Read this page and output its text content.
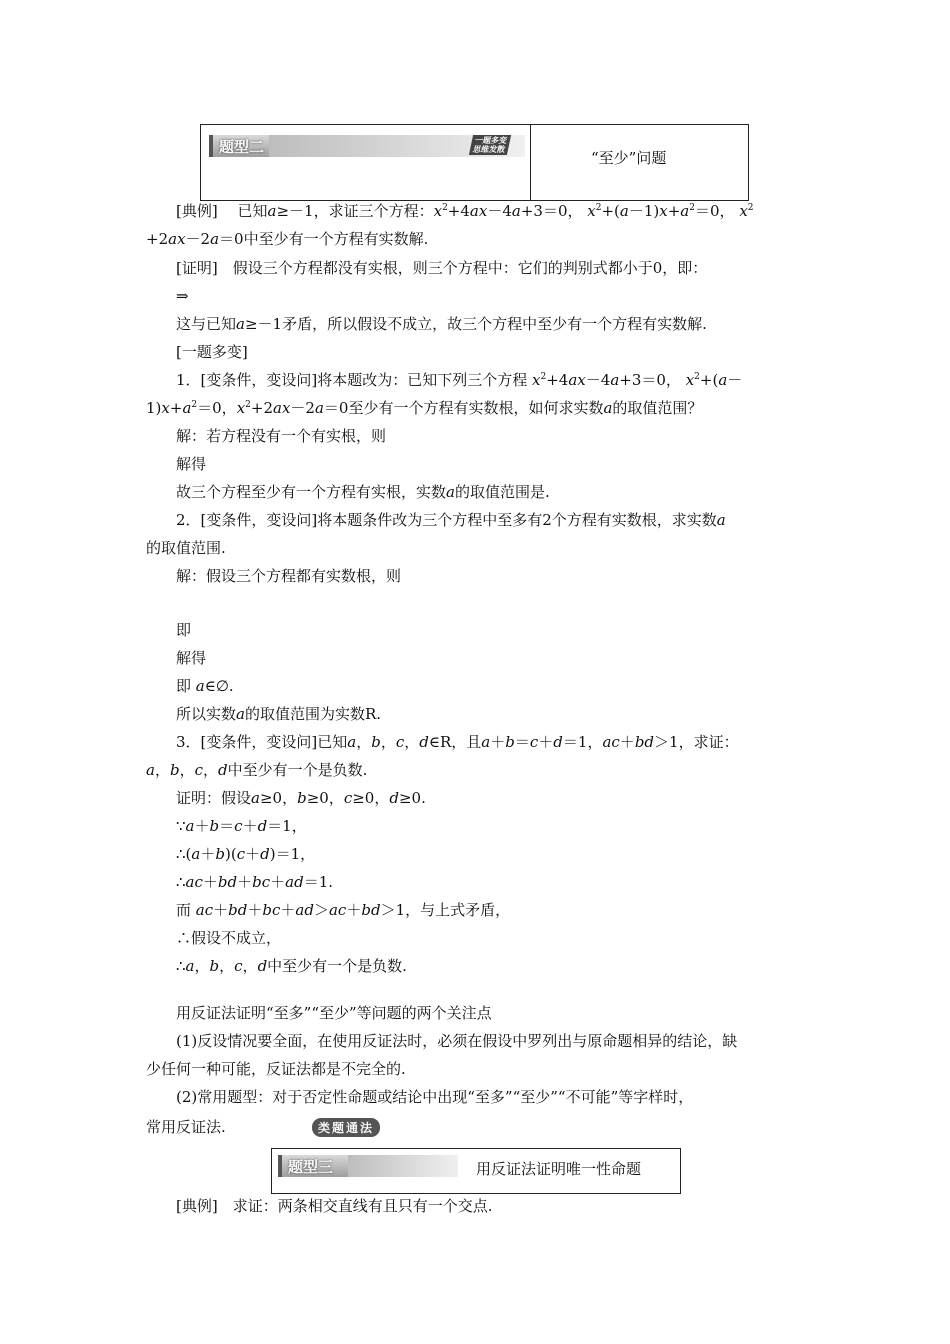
题型二	一题多变
思维发散	“至少”问题
[典例]　 已知a≥－1，求证三个方程：$x^2+4ax-4a+3=0$， $x^2+(a-1)x+a^2=0$， $x^2$
+2ax－2a＝0中至少有一个方程有实数解.
[证明]　 假设三个方程都没有实根，则三个方程中：它们的判别式都小于0，即：
⇒
这与已知a≥－1矛盾，所以假设不成立，故三个方程中至少有一个方程有实数解.
[一题多变]
1．[变条件，变设问]将本题改为：已知下列三个方程 $x^2+4ax-4a+3=0$， $x^2+(a-$
$1)x+a^2=0$，$x^2+2ax-2a=0$至少有一个方程有实数根，如何求实数a的取值范围？
解：若方程没有一个有实根，则
解得
故三个方程至少有一个方程有实根，实数a的取值范围是.
2．[变条件，变设问]将本题条件改为三个方程中至多有2个方程有实数根，求实数a
的取值范围.
解：假设三个方程都有实数根，则
即
解得
即 a∈∅.
所以实数a的取值范围为实数R.
3．[变条件，变设问]已知a，b，c，d∈R，且a＋b＝c＋d＝1，ac＋bd＞1，求证：
a，b，c，d中至少有一个是负数.
证明：假设a≥0，b≥0，c≥0，d≥0.
∵a＋b＝c＋d＝1，
∴(a＋b)(c＋d)＝1，
∴ac＋bd＋bc＋ad＝1.
而 ac＋bd＋bc＋ad＞ac＋bd＞1，与上式矛盾，
∴假设不成立，
∴a，b，c，d中至少有一个是负数.
用反证法证明“至多”“至少”等问题的两个关注点
(1)反设情况要全面，在使用反证法时，必须在假设中罗列出与原命题相异的结论，缺
少任何一种可能，反证法都是不完全的.
(2)常用题型：对于否定性命题或结论中出现“至多”“至少”“不可能”等字样时，
常用反证法.	类题通法
题型三	用反证法证明唯一性命题
[典例]　 求证：两条相交直线有且只有一个交点.
